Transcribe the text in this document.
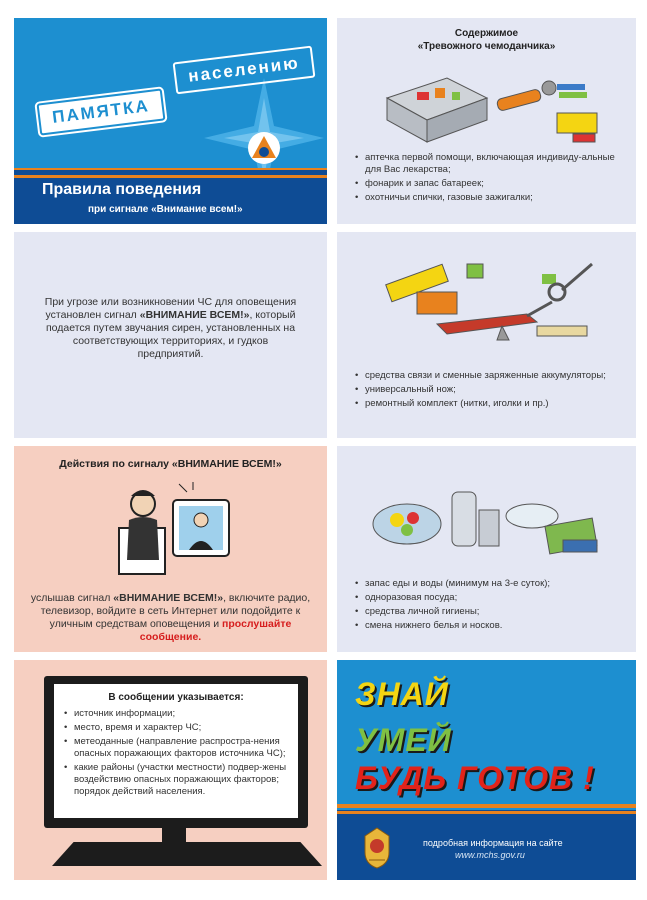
ПАМЯТКА
населению
Правила поведения
при сигнале «Внимание всем!»
Содержимое
«Тревожного чемоданчика»
• аптечка первой помощи, включающая индивиду-альные для Вас лекарства;
• фонарик и запас батареек;
• охотничьи спички, газовые зажигалки;
При угрозе или возникновении ЧС для оповещения установлен сигнал «ВНИМАНИЕ ВСЕМ!», который подается путем звучания сирен, установленных на соответствующих территориях, и гудков предприятий.
• средства связи и сменные заряженные аккумуляторы;
• универсальный нож;
• ремонтный комплект (нитки, иголки и пр.)
Действия по сигналу «ВНИМАНИЕ ВСЕМ!»
услышав сигнал «ВНИМАНИЕ ВСЕМ!», включите радио, телевизор, войдите в сеть Интернет или подойдите к уличным средствам оповещения и прослушайте сообщение.
• запас еды и воды (минимум на 3-е суток);
• одноразовая посуда;
• средства личной гигиены;
• смена нижнего белья и носков.
В сообщении указывается:
• источник информации;
• место, время и характер ЧС;
• метеоданные (направление распростра-нения опасных поражающих факторов источника ЧС);
• какие районы (участки местности) подвер-жены воздействию опасных поражающих факторов; порядок действий населения.
ЗНАЙ
УМЕЙ
БУДЬ ГОТОВ !
подробная информация на сайте
www.mchs.gov.ru
